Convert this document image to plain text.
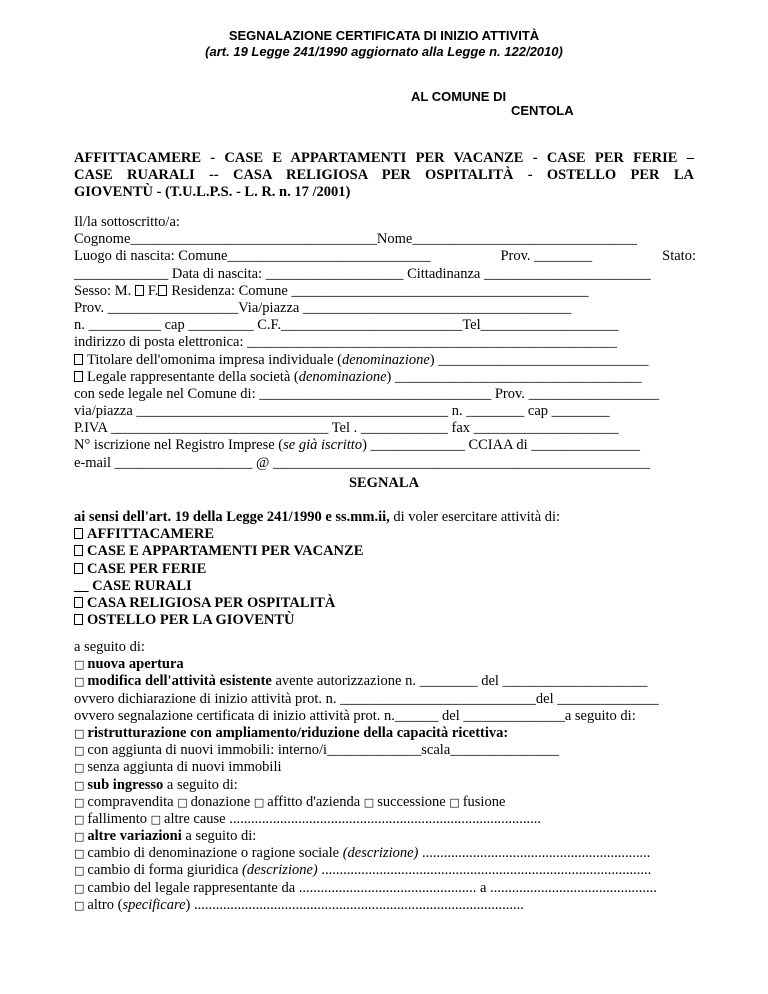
SEGNALAZIONE CERTIFICATA DI INIZIO ATTIVITÀ
(art. 19 Legge 241/1990 aggiornato alla Legge n. 122/2010)
AL COMUNE DI
CENTOLA
AFFITTACAMERE - CASE E APPARTAMENTI PER VACANZE - CASE PER FERIE –
CASE RUARALI -- CASA RELIGIOSA PER OSPITALITÀ - OSTELLO PER LA
GIOVENTÙ - (T.U.L.P.S. - L. R. n. 17 /2001)
Il/la sottoscritto/a:
Cognome__________________________________Nome_______________________________
Luogo di nascita: Comune____________________________	Prov. ________	Stato:
_____________ Data di nascita: ___________________ Cittadinanza _______________________
Sesso: M. F. Residenza: Comune _________________________________________
Prov. __________________Via/piazza _____________________________________
n. __________ cap _________ C.F._________________________Tel___________________
indirizzo di posta elettronica: ___________________________________________________
Titolare dell'omonima impresa individuale (denominazione) _____________________________
Legale rappresentante della società (denominazione) __________________________________
con sede legale nel Comune di: ________________________________ Prov. __________________
via/piazza ___________________________________________ n. ________ cap ________
P.IVA ______________________________ Tel . ____________ fax ____________________
N° iscrizione nel Registro Imprese (se già iscritto) _____________ CCIAA di _______________
e-mail ___________________ @ ____________________________________________________
SEGNALA
ai sensi dell'art. 19 della Legge 241/1990 e ss.mm.ii, di voler esercitare attività di:
AFFITTACAMERE
CASE E APPARTAMENTI PER VACANZE
CASE PER FERIE
__ CASE RURALI
CASA RELIGIOSA PER OSPITALITÀ
OSTELLO PER LA GIOVENTÙ
a seguito di:
□ nuova apertura
□ modifica dell'attività esistente avente autorizzazione n. ________ del ____________________
ovvero dichiarazione di inizio attività prot. n. ___________________________del ______________
ovvero segnalazione certificata di inizio attività prot. n.______ del ______________a seguito di:
□ ristrutturazione con ampliamento/riduzione della capacità ricettiva:
□ con aggiunta di nuovi immobili: interno/i_____________scala_______________
□ senza aggiunta di nuovi immobili
□ sub ingresso a seguito di:
□ compravendita □ donazione □ affitto d'azienda □ successione □ fusione
□ fallimento □ altre cause ......................................................................................
□ altre variazioni a seguito di:
□ cambio di denominazione o ragione sociale (descrizione) ...............................................................
□ cambio di forma giuridica (descrizione) ...........................................................................................
□ cambio del legale rappresentante da ................................................. a ..............................................
□ altro (specificare) ...........................................................................................
